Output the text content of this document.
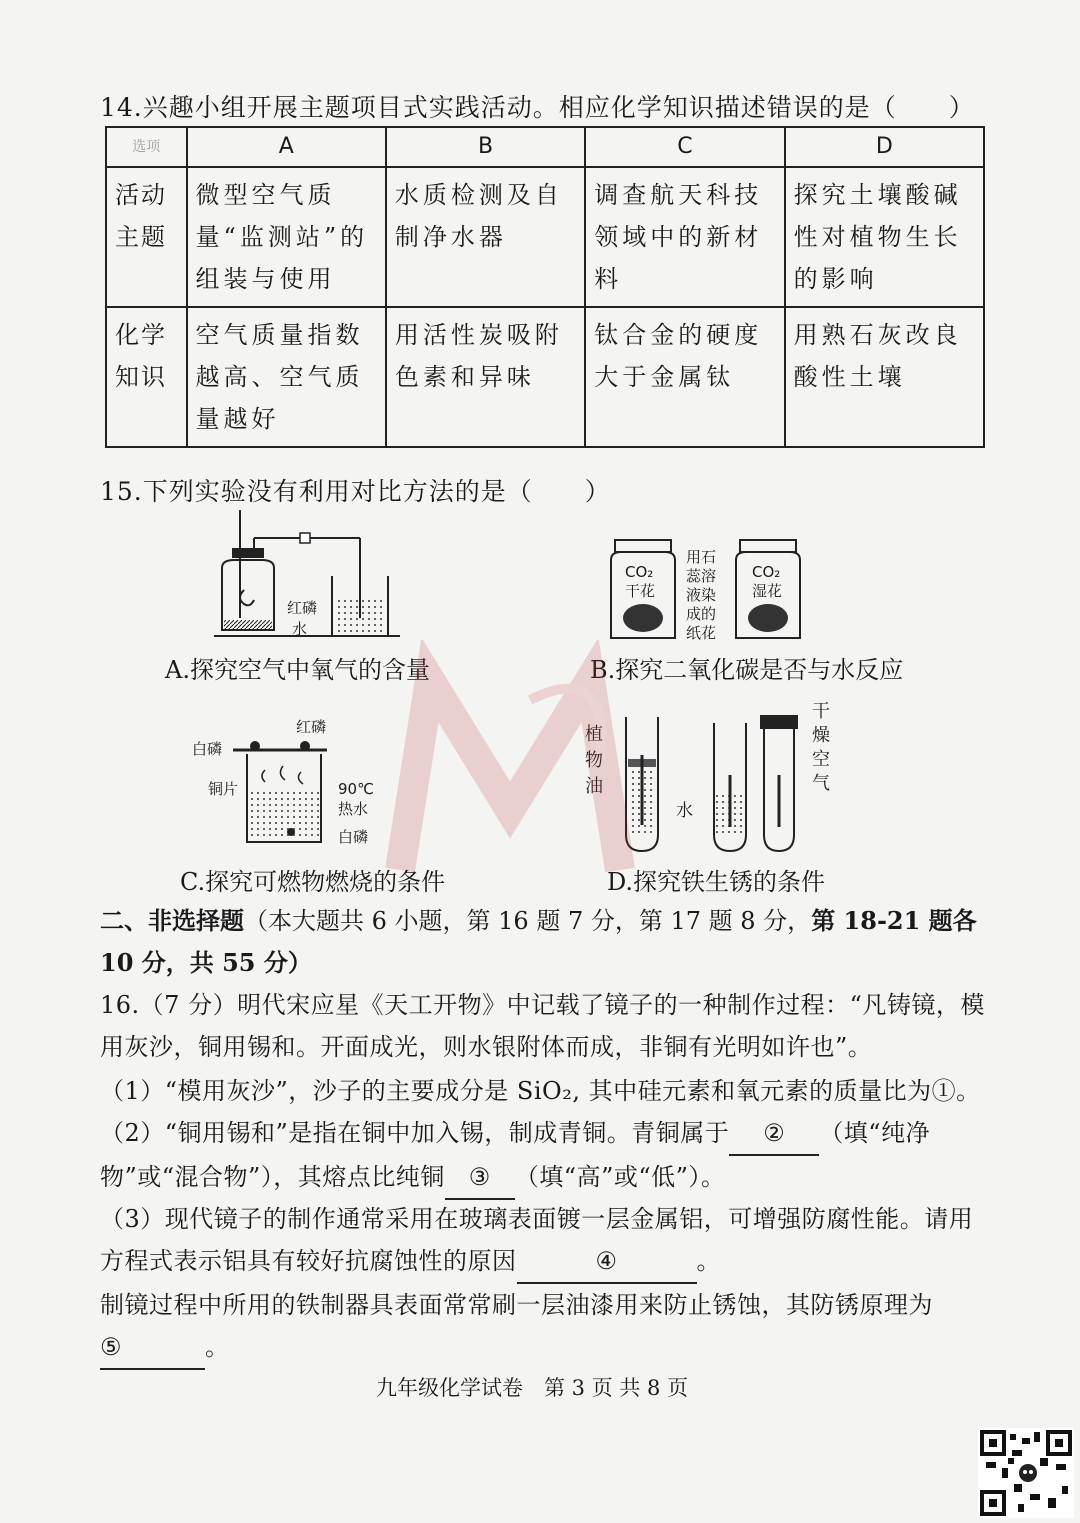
14.兴趣小组开展主题项目式实践活动。相应化学知识描述错误的是（　　）
选项	A	B	C	D
活动主题	微型空气质量“监测站”的组装与使用	水质检测及自制净水器	调查航天科技领域中的新材料	探究土壤酸碱性对植物生长的影响
化学知识	空气质量指数越高、空气质量越好	用活性炭吸附色素和异味	钛合金的硬度大于金属钛	用熟石灰改良酸性土壤
15.下列实验没有利用对比方法的是（　　）
红磷
水
A.探究空气中氧气的含量
CO₂
干花
用石蕊溶液染成的纸花
CO₂
湿花
B.探究二氧化碳是否与水反应
白磷
红磷
铜片	90℃
热水
白磷
C.探究可燃物燃烧的条件
植物油
水
干燥空气
D.探究铁生锈的条件
二、非选择题（本大题共 6 小题，第 16 题 7 分，第 17 题 8 分，第 18-21 题各 10 分，共 55 分）
16.（7 分）明代宋应星《天工开物》中记载了镜子的一种制作过程：“凡铸镜，模用灰沙，铜用锡和。开面成光，则水银附体而成，非铜有光明如许也”。
（1）“模用灰沙”，沙子的主要成分是 SiO₂, 其中硅元素和氧元素的质量比为①。
（2）“铜用锡和”是指在铜中加入锡，制成青铜。青铜属于 ② （填“纯净物”或“混合物”），其熔点比纯铜 ③ （填“高”或“低”）。
（3）现代镜子的制作通常采用在玻璃表面镀一层金属铝，可增强防腐性能。请用方程式表示铝具有较好抗腐蚀性的原因	④	。
制镜过程中所用的铁制器具表面常常刷一层油漆用来防止锈蚀，其防锈原理为
⑤	。
九年级化学试卷　第 3 页 共 8 页
